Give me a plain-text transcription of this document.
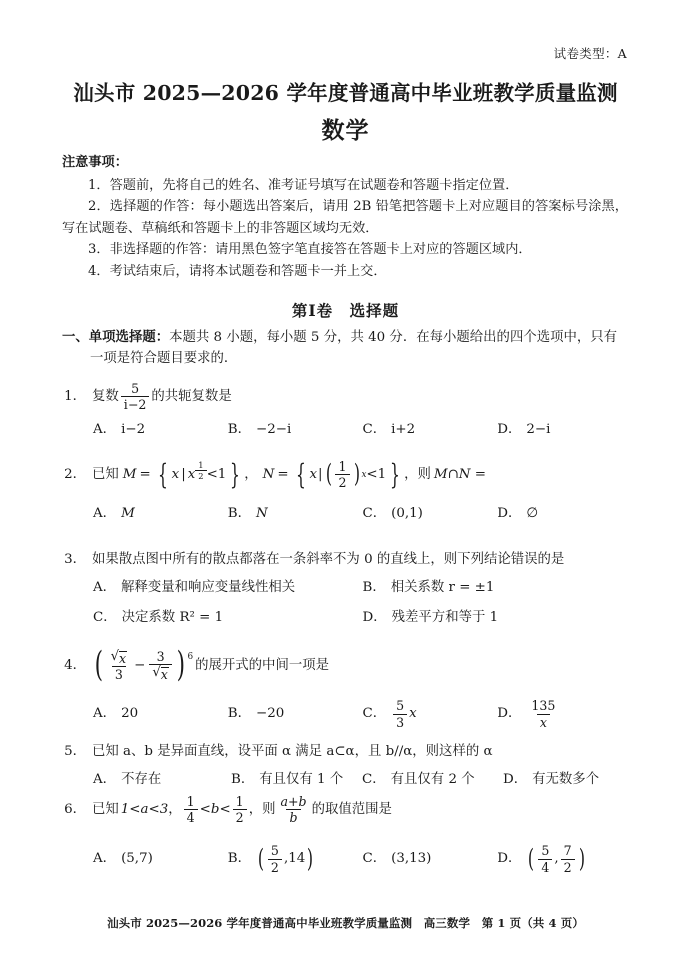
试卷类型：A
汕头市 2025—2026 学年度普通高中毕业班教学质量监测
数学
注意事项：
1．答题前，先将自己的姓名、准考证号填写在试题卷和答题卡指定位置．
2．选择题的作答：每小题选出答案后，请用 2B 铅笔把答题卡上对应题目的答案标号涂黑，写在试题卷、草稿纸和答题卡上的非答题区域均无效．
3．非选择题的作答：请用黑色签字笔直接答在答题卡上对应的答题区域内．
4．考试结束后，请将本试题卷和答题卡一并上交．
第Ⅰ卷　选择题
一、单项选择题：本题共 8 小题，每小题 5 分，共 40 分．在每小题给出的四个选项中，只有
一项是符合题目要求的．
1． 复数 $\frac{5}{i-2}$ 的共轭复数是
A． i−2	B． −2−i	C． i+2	D． 2−i
2． 已知 M = { x | x $\frac{1}{2} <1$ } ， N = { x | ( $\frac{1}{2}$ ) x <1 } ，则 M∩N =
A． M	B． N	C． (0,1)	D． ∅
3． 如果散点图中所有的散点都落在一条斜率不为 0 的直线上，则下列结论错误的是
A． 解释变量和响应变量线性相关	B． 相关系数 r = ±1
C． 决定系数 R² = 1	D． 残差平方和等于 1
4． ( $\frac{√ x}{3} - \frac{3}{√ x}$ ) 6
的展开式的中间一项是
A． 20	B． −20	C． $\frac{5}{3}$ x	D． $\frac{135}{x}$
5． 已知 a、b 是异面直线，设平面 α 满足 a⊂α，且 b//α，则这样的 α
A． 不存在	B． 有且仅有 1 个 C． 有且仅有 2 个 D． 有无数多个
6． 已知 1<a<3 ， $\frac{1}{4} <b< \frac{1}{2}$ ，则 $\frac{a+b}{b}$ 的取值范围是
A． (5,7)	B． ( $\frac{5}{2} ,14$ )	C． (3,13)	D． ( $\frac{5}{4}$ , $\frac{7}{2}$ )
汕头市 2025—2026 学年度普通高中毕业班教学质量监测　高三数学　第 1 页（共 4 页）
